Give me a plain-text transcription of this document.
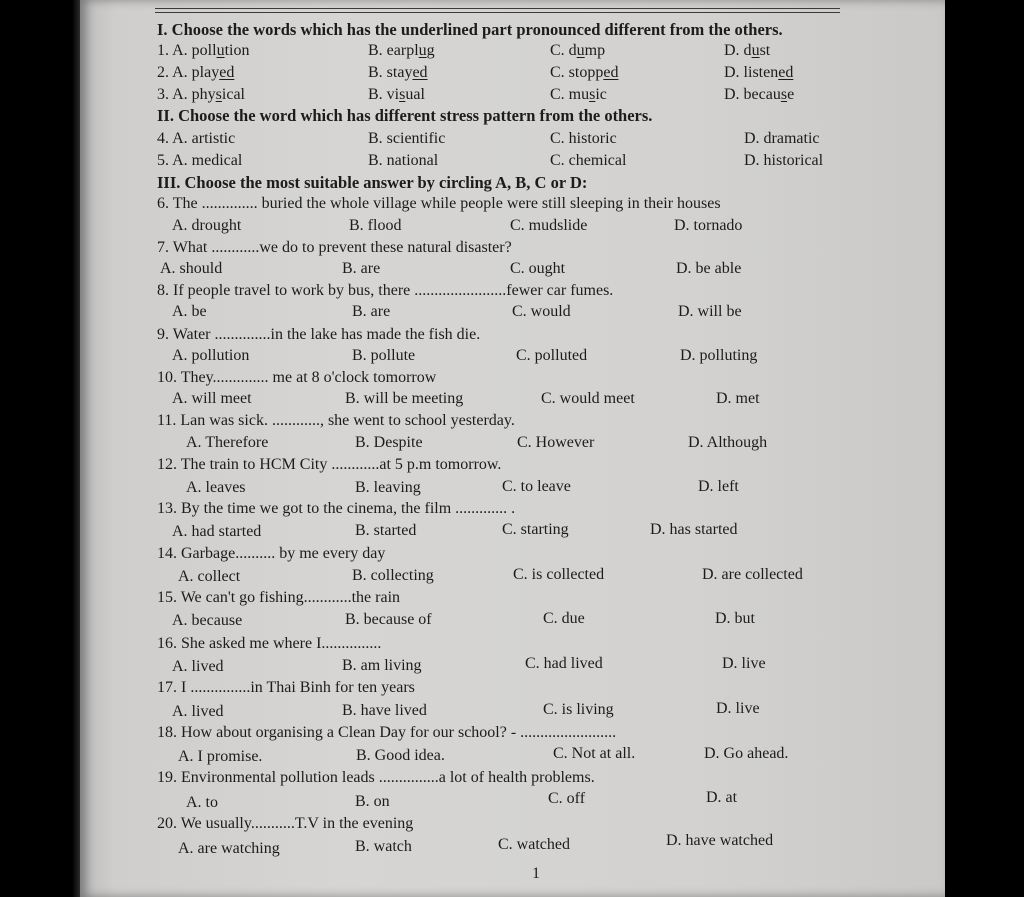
I. Choose the words which has the underlined part pronounced different from the others.
1. A. pollution	B. earplug	C. dump	D. dust
2. A. played	B. stayed	C. stopped	D. listened
3. A. physical	B. visual	C. music	D. because
II. Choose the word which has different stress pattern from the others.
4. A. artistic	B. scientific	C. historic	D. dramatic
5. A. medical	B. national	C. chemical	D. historical
III. Choose the most suitable answer by circling A, B, C or D:
6. The .............. buried the whole village while people were still sleeping in their houses
A. drought	B. flood	C. mudslide	D. tornado
7. What ............we do to prevent these natural disaster?
A. should	B. are	C. ought	D. be able
8. If people travel to work by bus, there .......................fewer car fumes.
A. be	B. are	C. would	D. will be
9. Water ..............in the lake has made the fish die.
A. pollution	B. pollute	C. polluted	D. polluting
10. They.............. me at 8 o'clock tomorrow
A. will meet	B. will be meeting	C. would meet	D. met
11. Lan was sick. ............, she went to school yesterday.
A. Therefore	B. Despite	C. However	D. Although
12. The train to HCM City ............at 5 p.m tomorrow.
A. leaves	B. leaving	C. to leave	D. left
13. By the time we got to the cinema, the film ............. .
A. had started	B. started	C. starting	D. has started
14. Garbage.......... by me every day
A. collect	B. collecting	C. is collected	D. are collected
15. We can't go fishing............the rain
A. because	B. because of	C. due	D. but
16. She asked me where I...............
A. lived	B. am living	C. had lived	D. live
17. I ...............in Thai Binh for ten years
A. lived	B. have lived	C. is living	D. live
18. How about organising a Clean Day for our school? - ........................
A. I promise.	B. Good idea.	C. Not at all.	D. Go ahead.
19. Environmental pollution leads ...............a lot of health problems.
A. to	B. on	C. off	D. at
20. We usually...........T.V in the evening
A. are watching	B. watch	C. watched	D. have watched
1
